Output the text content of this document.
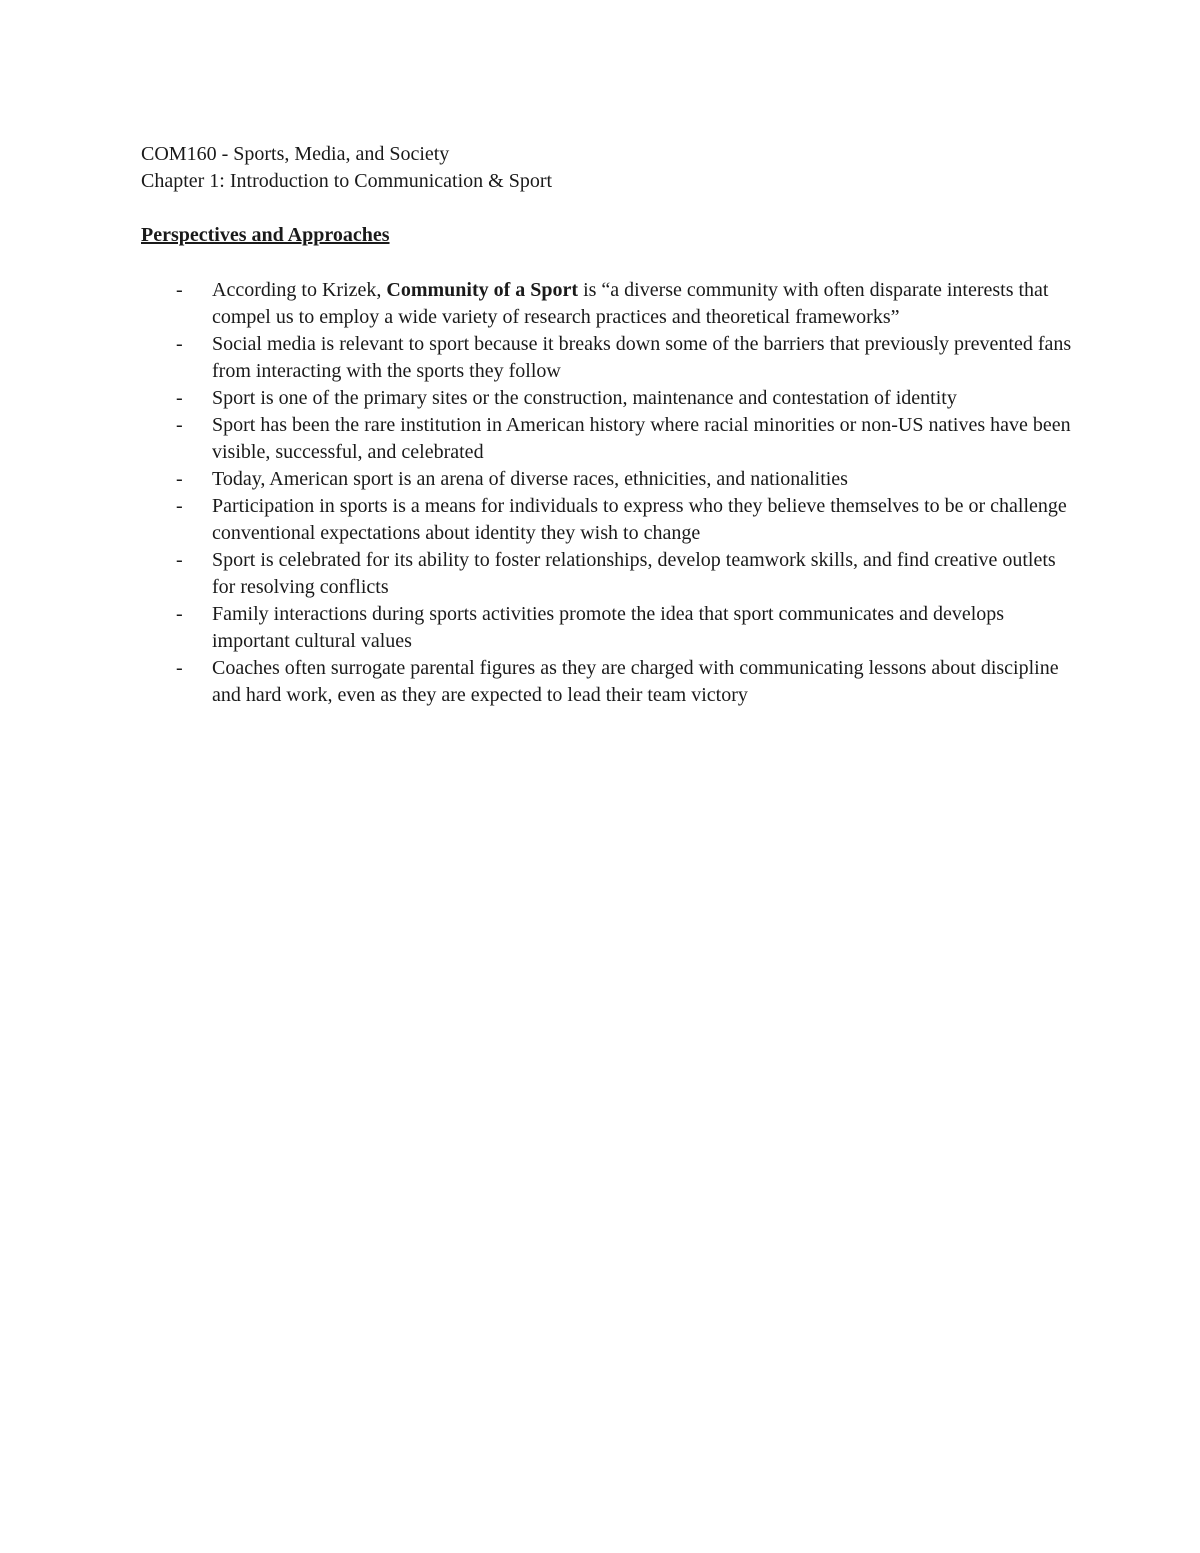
COM160 - Sports, Media, and Society

Chapter 1: Introduction to Communication & Sport

Perspectives and Approaches

- According to Krizek, Community of a Sport is “a diverse community with often disparate interests that compel us to employ a wide variety of research practices and theoretical frameworks”
- Social media is relevant to sport because it breaks down some of the barriers that previously prevented fans from interacting with the sports they follow
- Sport is one of the primary sites or the construction, maintenance and contestation of identity
- Sport has been the rare institution in American history where racial minorities or non-US natives have been visible, successful, and celebrated
- Today, American sport is an arena of diverse races, ethnicities, and nationalities
- Participation in sports is a means for individuals to express who they believe themselves to be or challenge conventional expectations about identity they wish to change
- Sport is celebrated for its ability to foster relationships, develop teamwork skills, and find creative outlets for resolving conflicts
- Family interactions during sports activities promote the idea that sport communicates and develops important cultural values
- Coaches often surrogate parental figures as they are charged with communicating lessons about discipline and hard work, even as they are expected to lead their team victory
